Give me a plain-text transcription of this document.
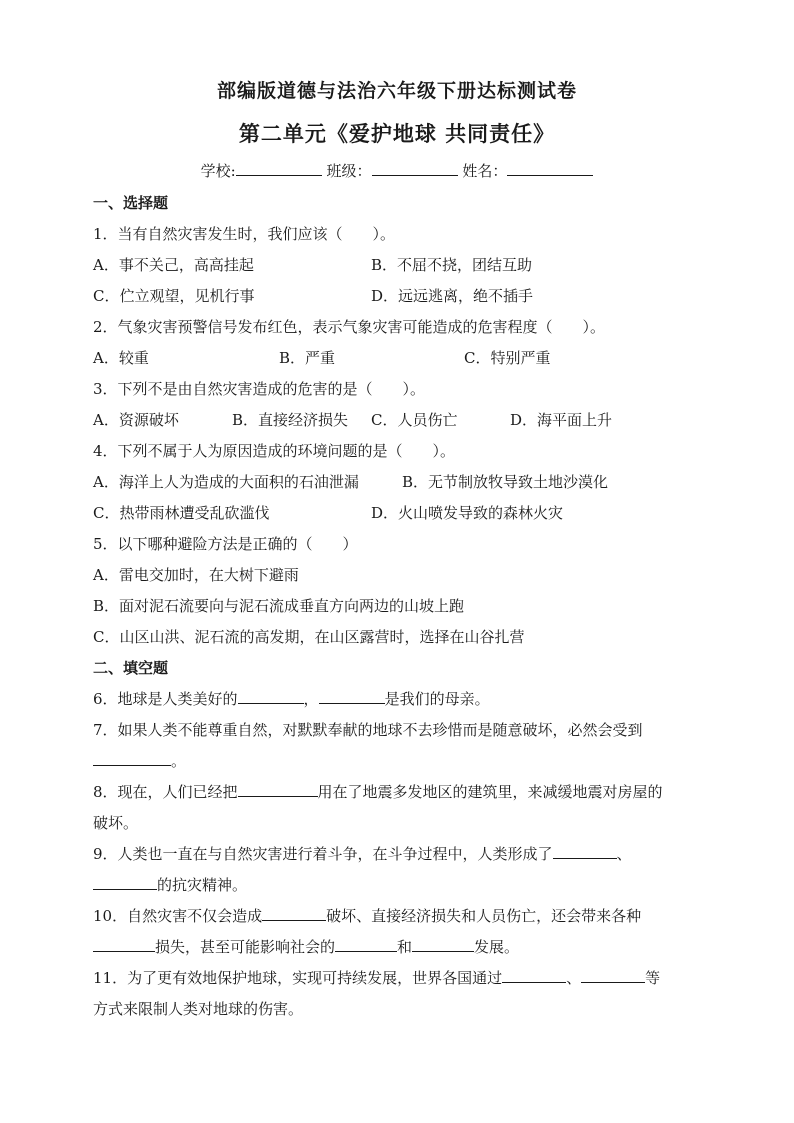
部编版道德与法治六年级下册达标测试卷
第二单元《爱护地球 共同责任》
学校:	班级：	姓名：
一、选择题
1．当有自然灾害发生时，我们应该（　　）。
A．事不关己，高高挂起	B．不屈不挠，团结互助
C．伫立观望，见机行事	D．远远逃离，绝不插手
2．气象灾害预警信号发布红色，表示气象灾害可能造成的危害程度（　　）。
A．较重	B．严重	C．特别严重
3．下列不是由自然灾害造成的危害的是（　　）。
A．资源破坏	B．直接经济损失 C．人员伤亡	D．海平面上升
4．下列不属于人为原因造成的环境问题的是（　　）。
A．海洋上人为造成的大面积的石油泄漏	B．无节制放牧导致土地沙漠化
C．热带雨林遭受乱砍滥伐	D．火山喷发导致的森林火灾
5．以下哪种避险方法是正确的（　　）
A．雷电交加时，在大树下避雨
B．面对泥石流要向与泥石流成垂直方向两边的山坡上跑
C．山区山洪、泥石流的高发期，在山区露营时，选择在山谷扎营
二、填空题
6．地球是人类美好的	，	是我们的母亲。
7．如果人类不能尊重自然，对默默奉献的地球不去珍惜而是随意破坏，必然会受到
。
8．现在，人们已经把	用在了地震多发地区的建筑里，来减缓地震对房屋的
破坏。
9．人类也一直在与自然灾害进行着斗争，在斗争过程中，人类形成了	、
的抗灾精神。
10．自然灾害不仅会造成	破坏、直接经济损失和人员伤亡，还会带来各种
损失，甚至可能影响社会的	和	发展。
11．为了更有效地保护地球，实现可持续发展，世界各国通过	、	等
方式来限制人类对地球的伤害。
